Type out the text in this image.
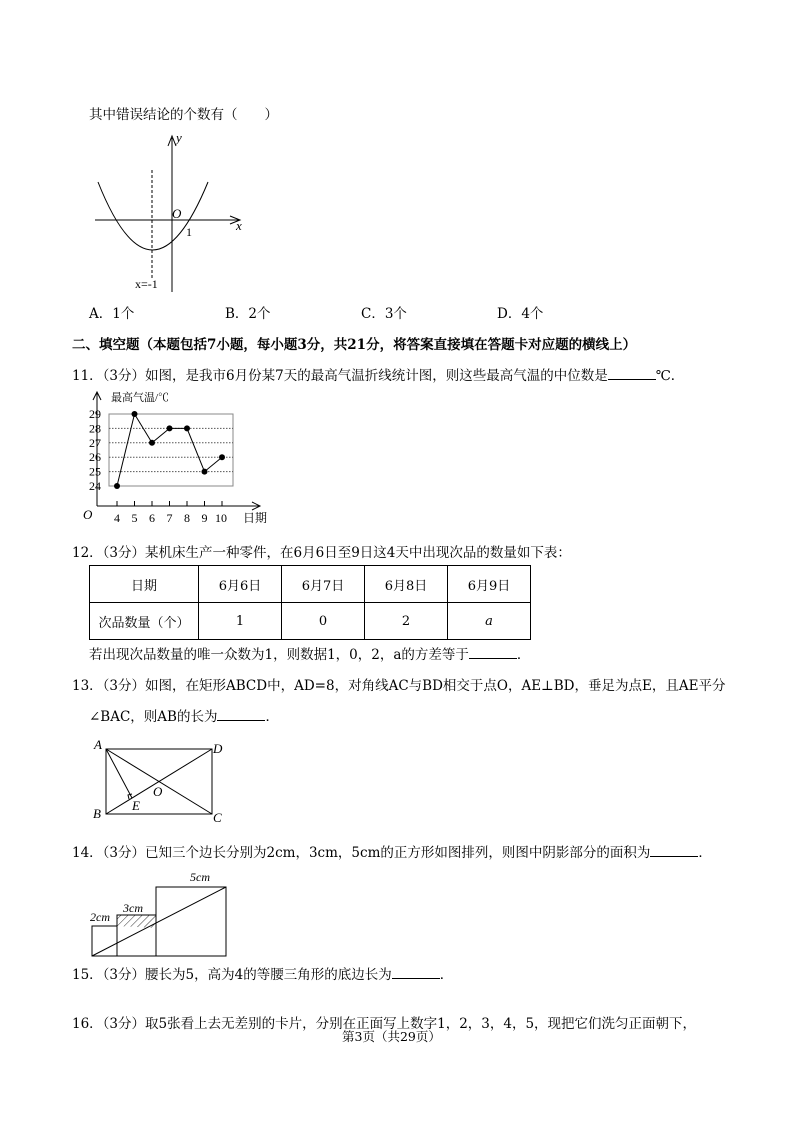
其中错误结论的个数有（　　）
y
x
O
1
x=-1
A．1个	B．2个	C．3个	D．4个
二、填空题（本题包括7小题，每小题3分，共21分，将答案直接填在答题卡对应题的横线上）
11．（3分）如图，是我市6月份某7天的最高气温折线统计图，则这些最高气温的中位数是	℃．
24
25
26
27
28
29
4 5 6 7 8 9 10
最高气温/℃
日期
O
12．（3分）某机床生产一种零件，在6月6日至9日这4天中出现次品的数量如下表：
日期	6月6日	6月7日	6月8日	6月9日
次品数量（个）	1	0	2	a
若出现次品数量的唯一众数为1，则数据1，0，2，a的方差等于	．
13．（3分）如图，在矩形ABCD中，AD=8，对角线AC与BD相交于点O，AE⊥BD，垂足为点E，且AE平分
∠BAC，则AB的长为	．
A	D
B	C
E
O
14．（3分）已知三个边长分别为2cm，3cm，5cm的正方形如图排列，则图中阴影部分的面积为	．
2cm
3cm
5cm
15．（3分）腰长为5，高为4的等腰三角形的底边长为	．
16．（3分）取5张看上去无差别的卡片，分别在正面写上数字1，2，3，4，5，现把它们洗匀正面朝下，
第3页（共29页）
